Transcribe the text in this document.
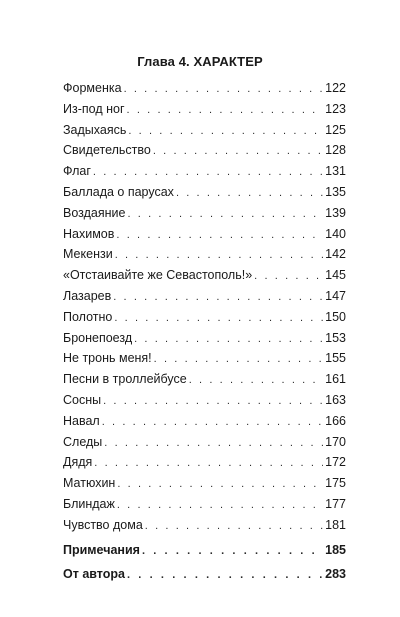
Глава 4. ХАРАКТЕР
Форменка . . .	122
Из-под ног . . .	123
Задыхаясь . . .	125
Свидетельство . . .	128
Флаг . . .	131
Баллада о парусах . . .	135
Воздаяние . . .	139
Нахимов . . .	140
Мекензи . . .	142
«Отстаивайте же Севастополь!» . . .	145
Лазарев . . .	147
Полотно . . .	150
Бронепоезд . . .	153
Не тронь меня! . . .	155
Песни в троллейбусе . . .	161
Сосны . . .	163
Навал . . .	166
Следы . . .	170
Дядя . . .	172
Матюхин . . .	175
Блиндаж . . .	177
Чувство дома . . .	181
Примечания . . .	185
От автора . . .	283
